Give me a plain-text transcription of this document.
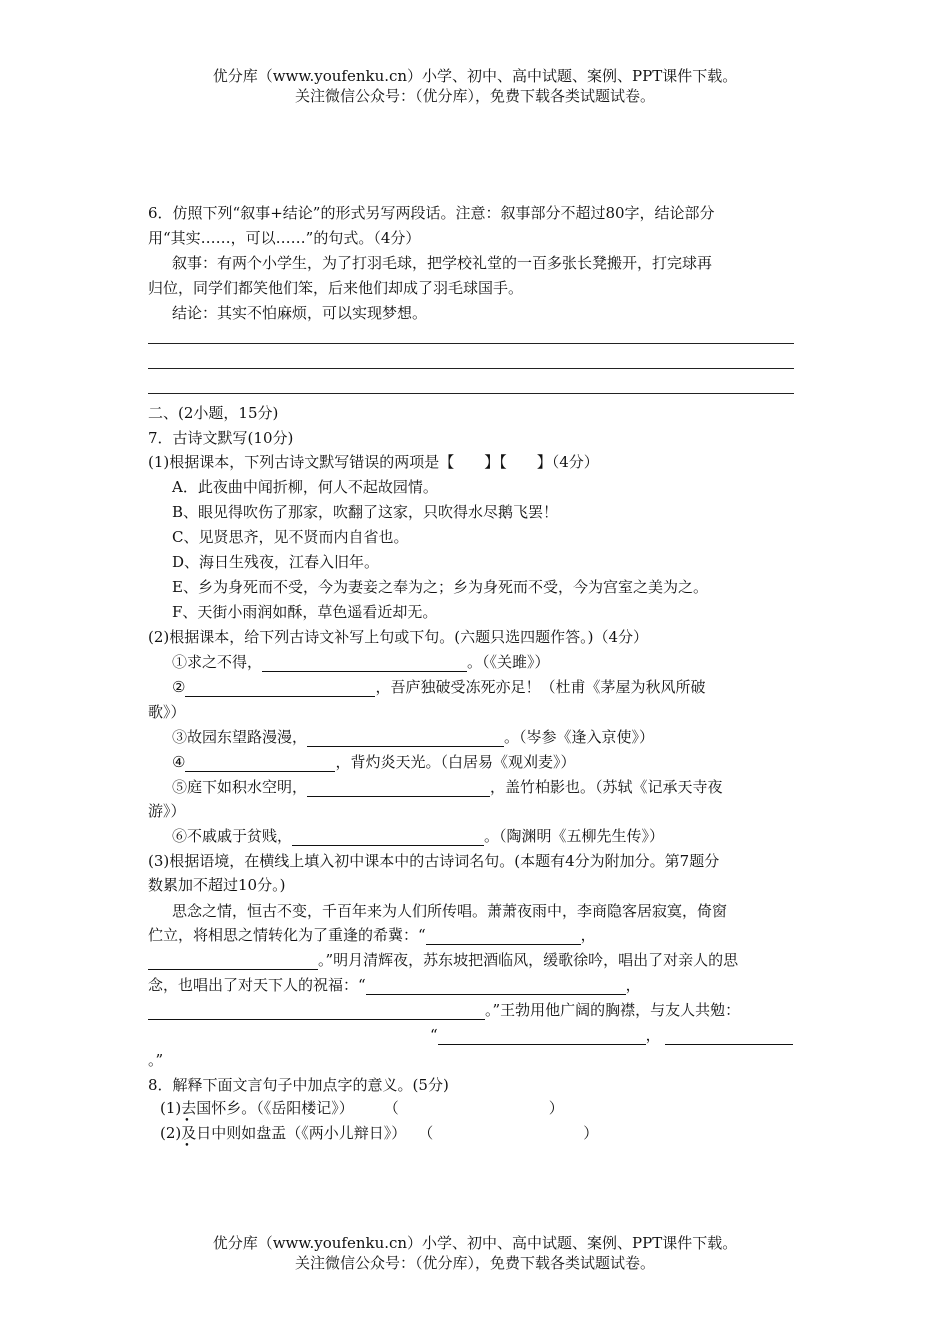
优分库（www.youfenku.cn）小学、初中、高中试题、案例、PPT课件下载。
关注微信公众号：（优分库），免费下载各类试题试卷。
6．仿照下列“叙事+结论”的形式另写两段话。注意：叙事部分不超过80字，结论部分
用“其实……，可以……”的句式。（4分）
叙事：有两个小学生，为了打羽毛球，把学校礼堂的一百多张长凳搬开，打完球再
归位，同学们都笑他们笨，后来他们却成了羽毛球国手。
结论：其实不怕麻烦，可以实现梦想。
二、(2小题，15分)
7．古诗文默写(10分)
(1)根据课本，下列古诗文默写错误的两项是【　　】【　　】（4分）
A．此夜曲中闻折柳，何人不起故园情。
B、眼见得吹伤了那家，吹翻了这家，只吹得水尽鹅飞罢！
C、见贤思齐，见不贤而内自省也。
D、海日生残夜，江春入旧年。
E、乡为身死而不受，今为妻妾之奉为之；乡为身死而不受，今为宫室之美为之。
F、天街小雨润如酥，草色遥看近却无。
(2)根据课本，给下列古诗文补写上句或下句。(六题只选四题作答。)（4分）
①求之不得，	。（《关雎》）
②	，吾庐独破受冻死亦足！（杜甫《茅屋为秋风所破
歌》）
③故园东望路漫漫，	。（岑参《逢入京使》）
④	，背灼炎天光。（白居易《观刈麦》）
⑤庭下如积水空明，	，盖竹柏影也。（苏轼《记承天寺夜
游》）
⑥不戚戚于贫贱，	。（陶渊明《五柳先生传》）
(3)根据语境，在横线上填入初中课本中的古诗词名句。(本题有4分为附加分。第7题分
数累加不超过10分。)
思念之情，恒古不变，千百年来为人们所传唱。萧萧夜雨中，李商隐客居寂寞，倚窗
伫立，将相思之情转化为了重逢的希冀：“	，
。”明月清辉夜，苏东坡把酒临风，缓歌徐吟，唱出了对亲人的思
念，也唱出了对天下人的祝福：“	，
。”王勃用他广阔的胸襟，与友人共勉：
“	，
。”
8．解释下面文言句子中加点字的意义。(5分)
(1)去国怀乡。（《岳阳楼记》） （	）
(2)及日中则如盘盂（《两小儿辩日》） （	）
优分库（www.youfenku.cn）小学、初中、高中试题、案例、PPT课件下载。
关注微信公众号：（优分库），免费下载各类试题试卷。
